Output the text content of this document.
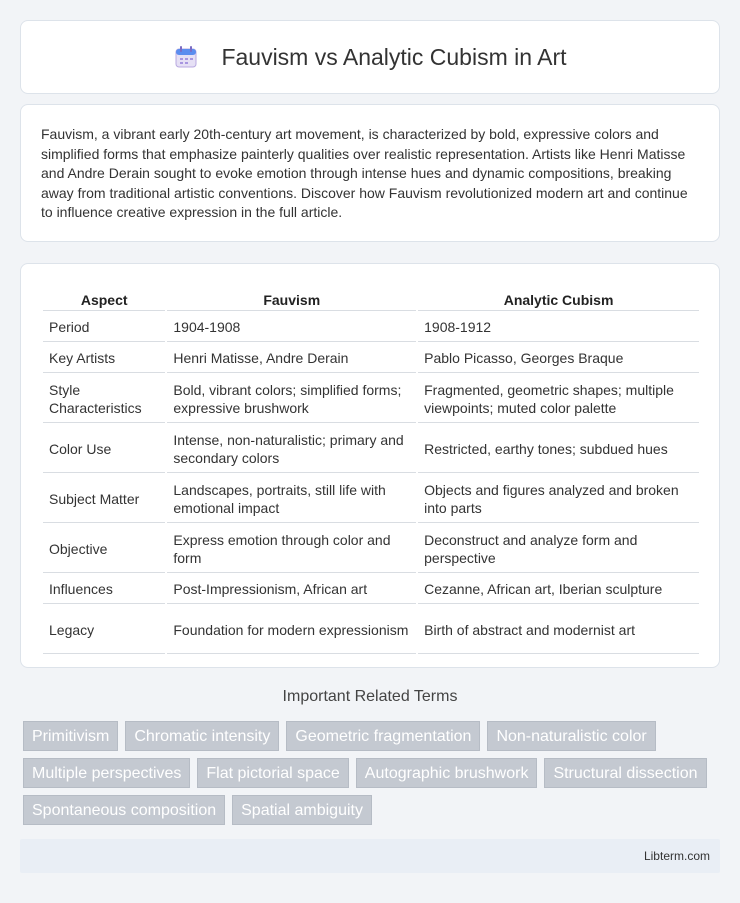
Fauvism vs Analytic Cubism in Art

Fauvism, a vibrant early 20th-century art movement, is characterized by bold, expressive colors and simplified forms that emphasize painterly qualities over realistic representation. Artists like Henri Matisse and Andre Derain sought to evoke emotion through intense hues and dynamic compositions, breaking away from traditional artistic conventions. Discover how Fauvism revolutionized modern art and continue to influence creative expression in the full article.

Aspect	Fauvism	Analytic Cubism
Period	1904-1908	1908-1912
Key Artists	Henri Matisse, Andre Derain	Pablo Picasso, Georges Braque
Style Characteristics	Bold, vibrant colors; simplified forms; expressive brushwork	Fragmented, geometric shapes; multiple viewpoints; muted color palette
Color Use	Intense, non-naturalistic; primary and secondary colors	Restricted, earthy tones; subdued hues
Subject Matter	Landscapes, portraits, still life with emotional impact	Objects and figures analyzed and broken into parts
Objective	Express emotion through color and form	Deconstruct and analyze form and perspective
Influences	Post-Impressionism, African art	Cezanne, African art, Iberian sculpture
Legacy	Foundation for modern expressionism	Birth of abstract and modernist art
Important Related Terms
Primitivism	Chromatic intensity	Geometric fragmentation	Non-naturalistic color
Multiple perspectives	Flat pictorial space	Autographic brushwork	Structural dissection
Spontaneous composition	Spatial ambiguity
Libterm.com
